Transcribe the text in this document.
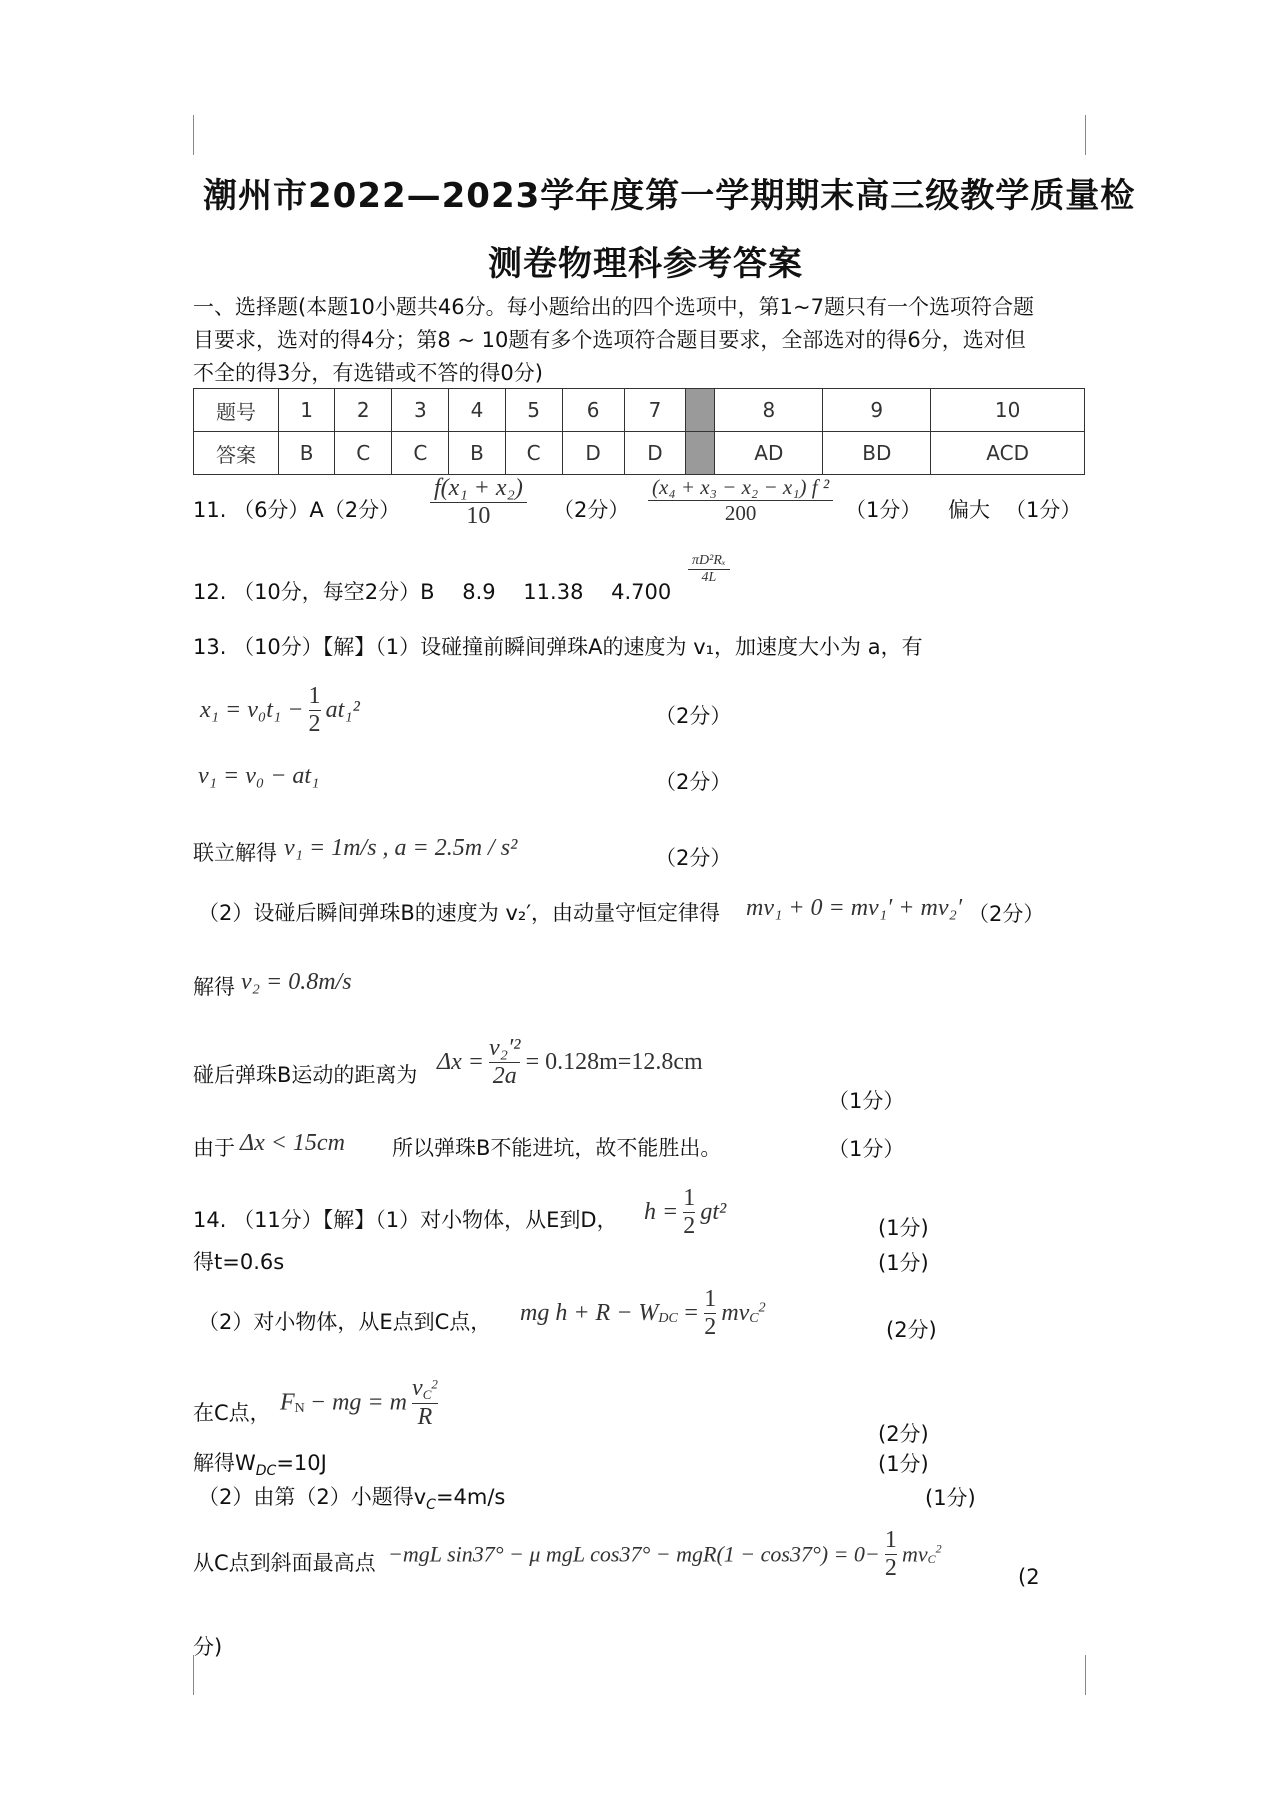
潮州市2022—2023学年度第一学期期末高三级教学质量检
测卷物理科参考答案
一、选择题(本题10小题共46分。每小题给出的四个选项中，第1~7题只有一个选项符合题
目要求，选对的得4分；第8 ~ 10题有多个选项符合题目要求，全部选对的得6分，选对但
不全的得3分，有选错或不答的得0分)
题号	1	2	3	4	5	6	7		8	9	10
答案	B	C	C	B	C	D	D		AD	BD	ACD
11. （6分）A（2分） $\frac{\text{f(x₁ + x₂)}}{10} (2$分） $\frac{\text{(x₄ + x₃ − x₂ − x₁) f ²}}{200} (1$分） 偏大 （1分）
12. （10分，每空2分）B　 8.9　 11.38　 4.700
$\frac{\text{πD²Rₓ}}{4L}$
13. （10分）【解】（1）设碰撞前瞬间弹珠A的速度为 v₁，加速度大小为 a，有
$x_1 = v_0t_1 - \frac{1}{2} at_1^2$	（2分）
v₁ = v₀ − at₁	（2分）
联立解得 v₁ = 1m/s , a = 2.5m / s²	（2分）
（2）设碰后瞬间弹珠B的速度为 v₂′，由动量守恒定律得 mv₁ + 0 = mv₁′ + mv₂′ （2分）
解得 v₂ = 0.8m/s
碰后弹珠B运动的距离为 $\Delta x = \frac{\text{v₂′²}}{2a} = 0.128m=12.8cm$
（1分）
由于 Δx < 15cm 所以弹珠B不能进坑，故不能胜出。	（1分）
14. （11分）【解】（1）对小物体，从E到D， $h = \frac{1}{2} gt^2$
(1分)
得t=0.6s	(1分)
（2）对小物体，从E点到C点， mg $h + R - W_{DC} = \frac{1}{2} mv_C^2$
(2分)
在C点， $F_N$ − mg = m $\frac{v_C^2}{R}$
(2分)
解得$W_{DC}=10J$	(1分)
（2）由第（2）小题得$v_C=4m/s$	(1分)
从C点到斜面最高点 −mgL sin37° − μ mgL $\cos 37^\circ - mgR(1 - \cos 37^\circ) = 0- \frac{1}{2} mv_C^2$
(2
分)
